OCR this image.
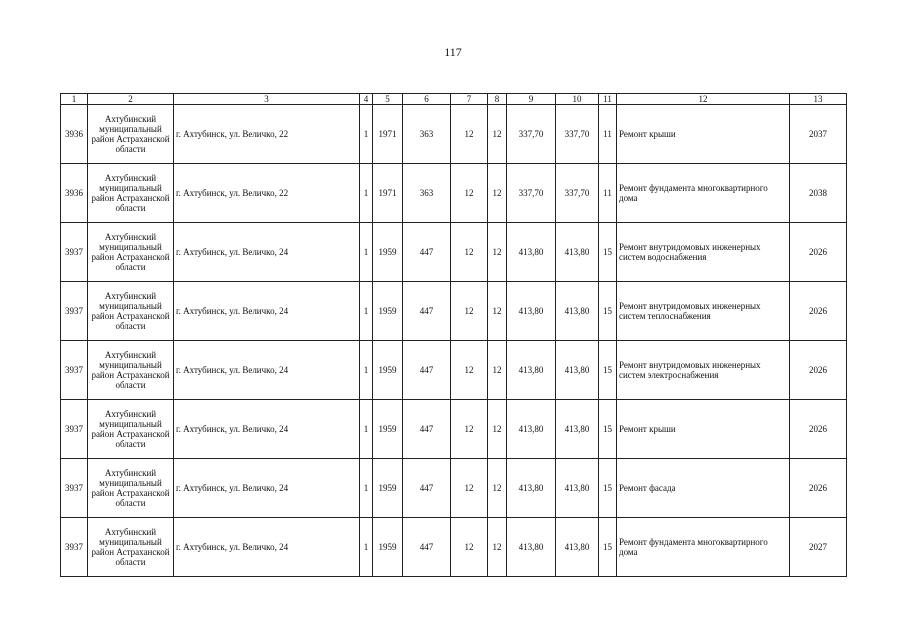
117
1	2	3	4	5	6	7	8	9	10	11	12	13
3936	Ахтубинский муниципальный район Астраханской области	г. Ахтубинск, ул. Величко, 22	1	1971	363	12	12	337,70	337,70	11	Ремонт крыши	2037
3936	Ахтубинский муниципальный район Астраханской области	г. Ахтубинск, ул. Величко, 22	1	1971	363	12	12	337,70	337,70	11	Ремонт фундамента многоквартирного дома	2038
3937	Ахтубинский муниципальный район Астраханской области	г. Ахтубинск, ул. Величко, 24	1	1959	447	12	12	413,80	413,80	15	Ремонт внутридомовых инженерных систем водоснабжения	2026
3937	Ахтубинский муниципальный район Астраханской области	г. Ахтубинск, ул. Величко, 24	1	1959	447	12	12	413,80	413,80	15	Ремонт внутридомовых инженерных систем теплоснабжения	2026
3937	Ахтубинский муниципальный район Астраханской области	г. Ахтубинск, ул. Величко, 24	1	1959	447	12	12	413,80	413,80	15	Ремонт внутридомовых инженерных систем электроснабжения	2026
3937	Ахтубинский муниципальный район Астраханской области	г. Ахтубинск, ул. Величко, 24	1	1959	447	12	12	413,80	413,80	15	Ремонт крыши	2026
3937	Ахтубинский муниципальный район Астраханской области	г. Ахтубинск, ул. Величко, 24	1	1959	447	12	12	413,80	413,80	15	Ремонт фасада	2026
3937	Ахтубинский муниципальный район Астраханской области	г. Ахтубинск, ул. Величко, 24	1	1959	447	12	12	413,80	413,80	15	Ремонт фундамента многоквартирного дома	2027
